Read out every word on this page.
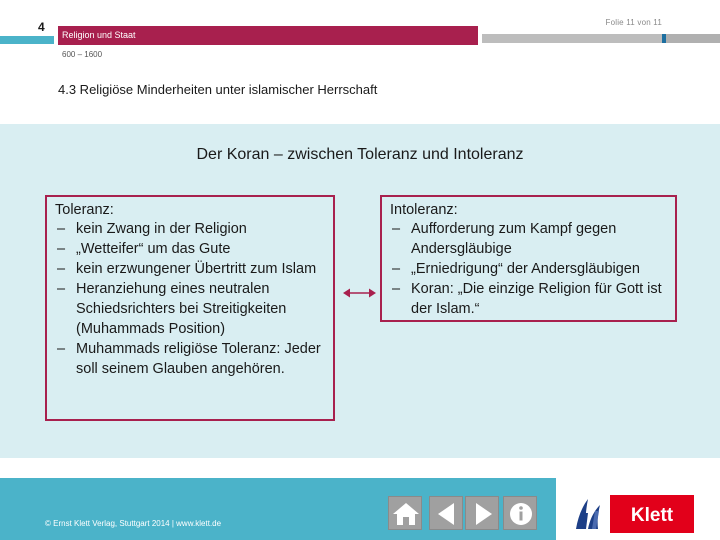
4	Folie 11 von 11
Religion und Staat
600 – 1600
4.3 Religiöse Minderheiten unter islamischer Herrschaft
Der Koran – zwischen Toleranz und Intoleranz
Toleranz:
– kein Zwang in der Religion
– „Wetteifer“ um das Gute
– kein erzwungener Übertritt zum Islam
– Heranziehung eines neutralen Schiedsrichters bei Streitigkeiten (Muhammads Position)
– Muhammads religiöse Toleranz: Jeder soll seinem Glauben angehören.
Intoleranz:
– Aufforderung zum Kampf gegen Andersgläubige
– „Erniedrigung“ der Andersgläubigen
– Koran: „Die einzige Religion für Gott ist der Islam.“
© Ernst Klett Verlag, Stuttgart 2014 | www.klett.de	Klett
